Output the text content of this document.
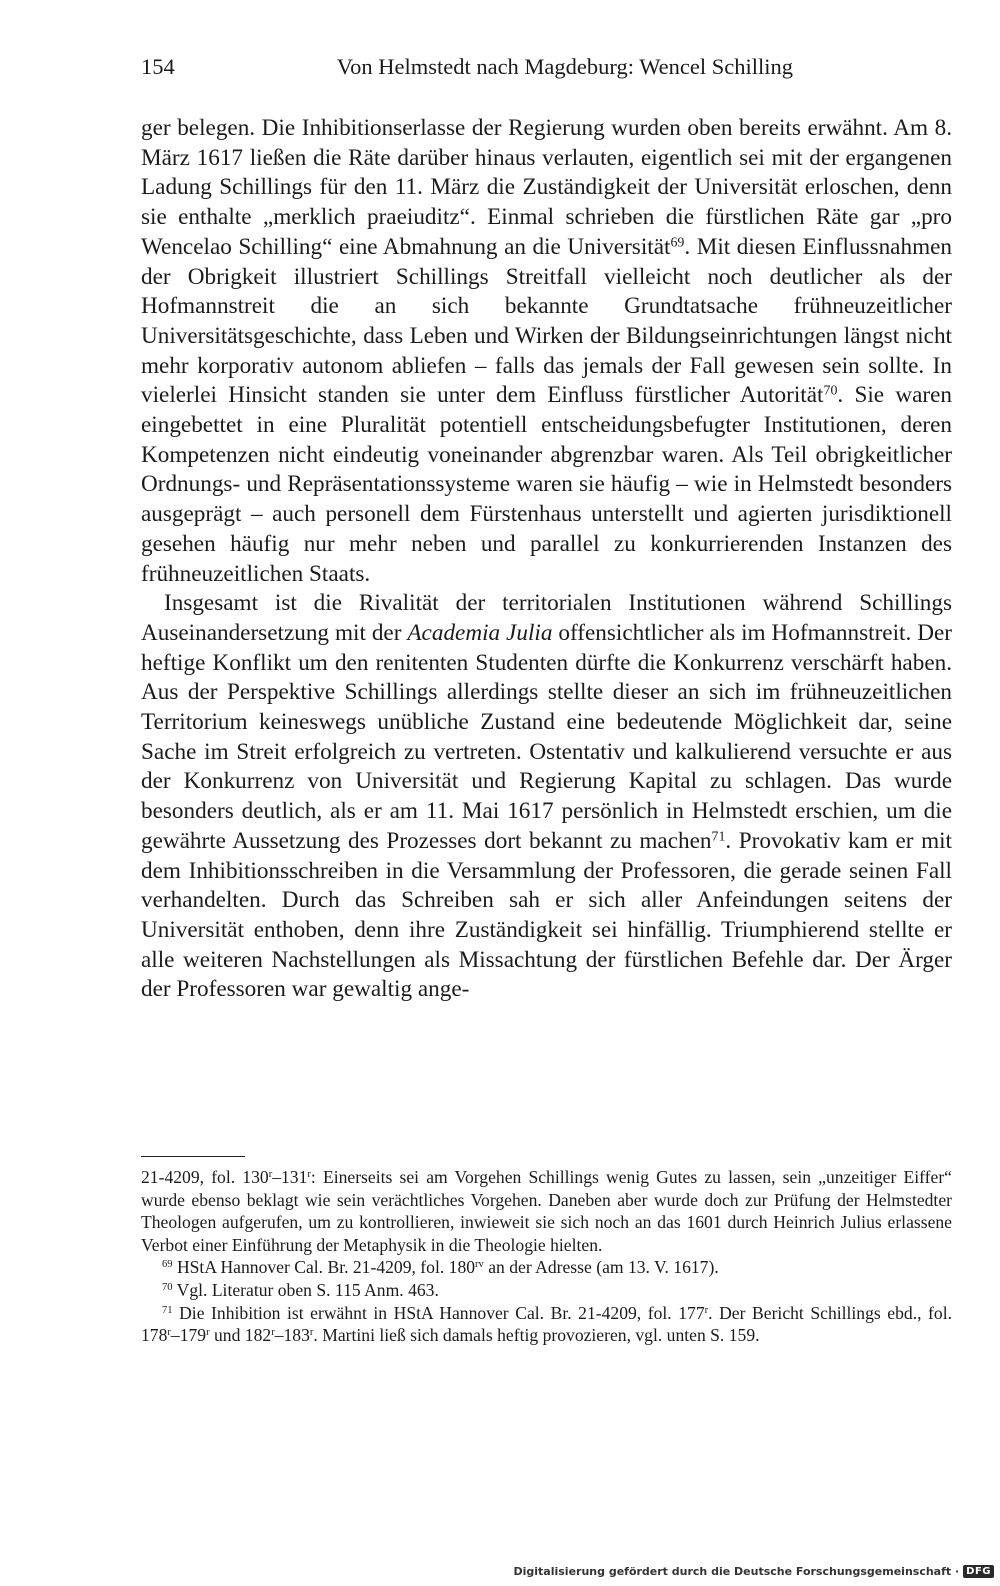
154	Von Helmstedt nach Magdeburg: Wencel Schilling

ger belegen. Die Inhibitionserlasse der Regierung wurden oben bereits erwähnt. Am 8. März 1617 ließen die Räte darüber hinaus verlauten, eigentlich sei mit der ergangenen Ladung Schillings für den 11. März die Zuständigkeit der Universität erloschen, denn sie enthalte „merklich praeiuditz“. Einmal schrieben die fürstlichen Räte gar „pro Wencelao Schilling“ eine Abmahnung an die Universität$^{69}$. Mit diesen Einflussnahmen der Obrigkeit illustriert Schillings Streitfall vielleicht noch deutlicher als der Hofmannstreit die an sich bekannte Grundtatsache frühneuzeitlicher Universitätsgeschichte, dass Leben und Wirken der Bildungseinrichtungen längst nicht mehr korporativ autonom abliefen – falls das jemals der Fall gewesen sein sollte. In vielerlei Hinsicht standen sie unter dem Einfluss fürstlicher Autorität$^{70}$. Sie waren eingebettet in eine Pluralität potentiell entscheidungsbefugter Institutionen, deren Kompetenzen nicht eindeutig voneinander abgrenzbar waren. Als Teil obrigkeitlicher Ordnungs- und Repräsentationssysteme waren sie häufig – wie in Helmstedt besonders ausgeprägt – auch personell dem Fürstenhaus unterstellt und agierten jurisdiktionell gesehen häufig nur mehr neben und parallel zu konkurrierenden Instanzen des frühneuzeitlichen Staats.

Insgesamt ist die Rivalität der territorialen Institutionen während Schillings Auseinandersetzung mit der Academia Julia offensichtlicher als im Hofmannstreit. Der heftige Konflikt um den renitenten Studenten dürfte die Konkurrenz verschärft haben. Aus der Perspektive Schillings allerdings stellte dieser an sich im frühneuzeitlichen Territorium keineswegs unübliche Zustand eine bedeutende Möglichkeit dar, seine Sache im Streit erfolgreich zu vertreten. Ostentativ und kalkulierend versuchte er aus der Konkurrenz von Universität und Regierung Kapital zu schlagen. Das wurde besonders deutlich, als er am 11. Mai 1617 persönlich in Helmstedt erschien, um die gewährte Aussetzung des Prozesses dort bekannt zu machen$^{71}$. Provokativ kam er mit dem Inhibitionsschreiben in die Versammlung der Professoren, die gerade seinen Fall verhandelten. Durch das Schreiben sah er sich aller Anfeindungen seitens der Universität enthoben, denn ihre Zuständigkeit sei hinfällig. Triumphierend stellte er alle weiteren Nachstellungen als Missachtung der fürstlichen Befehle dar. Der Ärger der Professoren war gewaltig ange-

21-4209, fol. 130$^r$–131$^r$: Einerseits sei am Vorgehen Schillings wenig Gutes zu lassen, sein „unzeitiger Eiffer“ wurde ebenso beklagt wie sein verächtliches Vorgehen. Daneben aber wurde doch zur Prüfung der Helmstedter Theologen aufgerufen, um zu kontrollieren, inwieweit sie sich noch an das 1601 durch Heinrich Julius erlassene Verbot einer Einführung der Metaphysik in die Theologie hielten.

$^{69}$ HStA Hannover Cal. Br. 21-4209, fol. $180^{rv}$ an der Adresse (am 13. V. 1617).

$^{70}$ Vgl. Literatur oben S. 115 Anm. 463.

$^{71}$ Die Inhibition ist erwähnt in HStA Hannover Cal. Br. 21-4209, fol. 177$^r$. Der Bericht Schillings ebd., fol. 178$^r$–179$^r$ und 182$^r$–183$^r$. Martini ließ sich damals heftig provozieren, vgl. unten S. 159.

Digitalisierung gefördert durch die Deutsche Forschungsgemeinschaft · DFG
